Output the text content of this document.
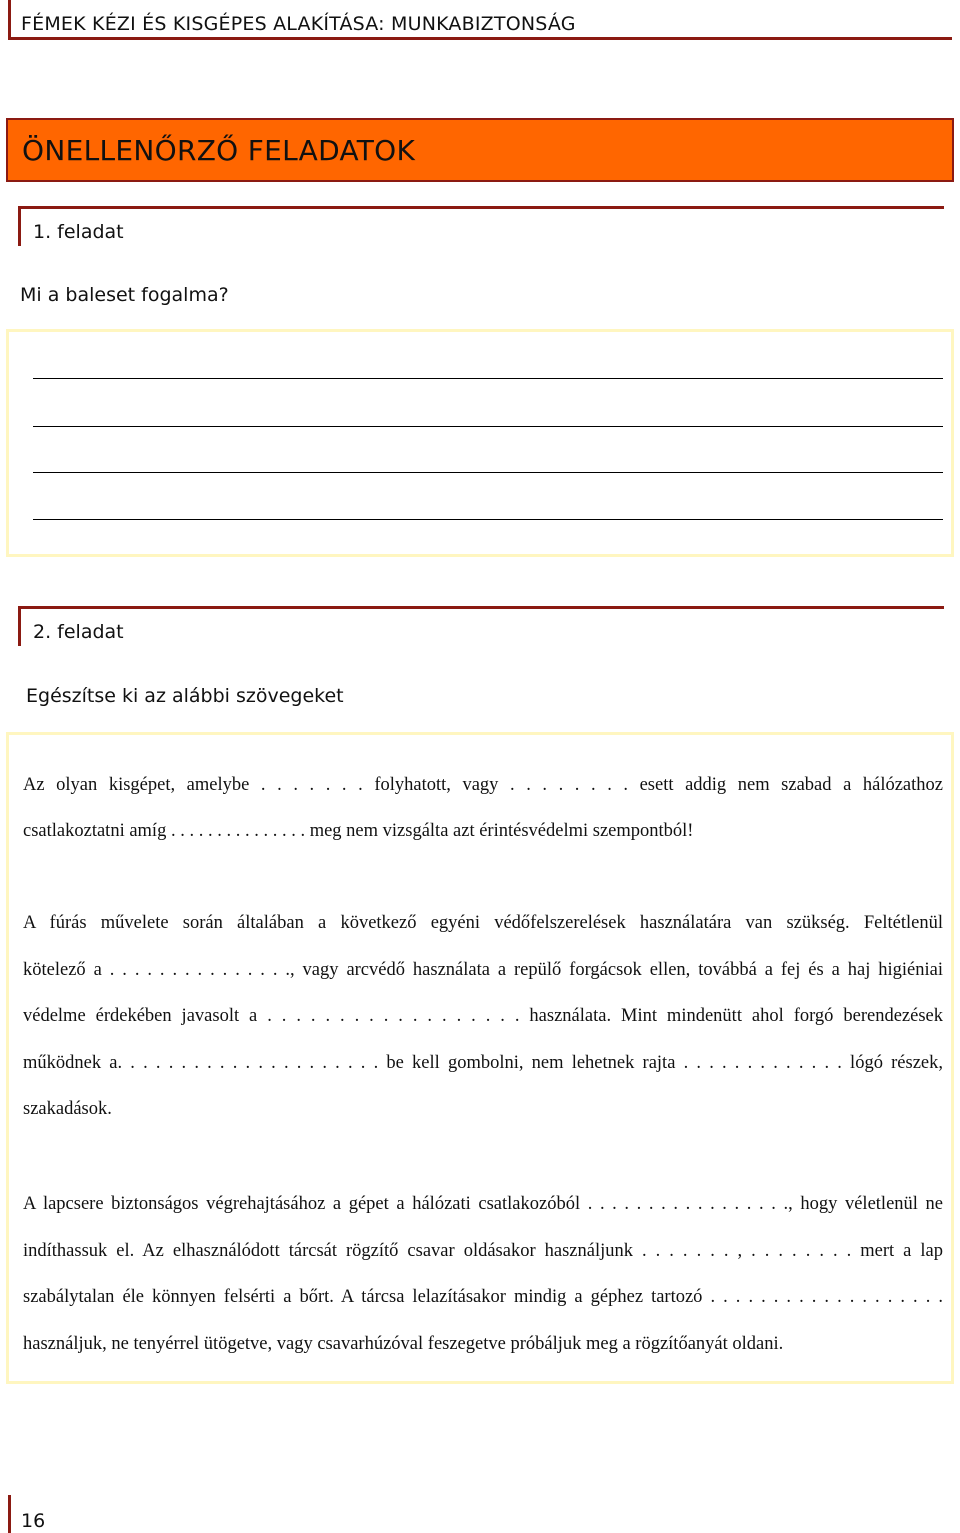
FÉMEK KÉZI ÉS KISGÉPES ALAKÍTÁSA: MUNKABIZTONSÁG
ÖNELLENŐRZŐ FELADATOK
1. feladat
Mi a baleset fogalma?
2. feladat
Egészítse ki az alábbi szövegeket

Az olyan kisgépet, amelybe . . . . . . . folyhatott, vagy . . . . . . . . esett addig nem szabad a hálózathoz

csatlakoztatni amíg . . . . . . . . . . . . . . . meg nem vizsgálta azt érintésvédelmi szempontból!

A fúrás művelete során általában a következő egyéni védőfelszerelések használatára van szükség. Feltétlenül

kötelező a . . . . . . . . . . . . . . ., vagy arcvédő használata a repülő forgácsok ellen, továbbá a fej és a haj higiéniai

védelme érdekében javasolt a . . . . . . . . . . . . . . . . . . használata. Mint mindenütt ahol forgó berendezések

működnek a. . . . . . . . . . . . . . . . . . . . . be kell gombolni, nem lehetnek rajta . . . . . . . . . . . . . lógó részek,

szakadások.

A lapcsere biztonságos végrehajtásához a gépet a hálózati csatlakozóból . . . . . . . . . . . . . . . . ., hogy véletlenül ne

indíthassuk el. Az elhasználódott tárcsát rögzítő csavar oldásakor használjunk . . . . . . . , . . . . . . . . mert a lap

szabálytalan éle könnyen felsérti a bőrt. A tárcsa lelazításakor mindig a géphez tartozó . . . . . . . . . . . . . . . . . . .

használjuk, ne tenyérrel ütögetve, vagy csavarhúzóval feszegetve próbáljuk meg a rögzítőanyát oldani.

16
